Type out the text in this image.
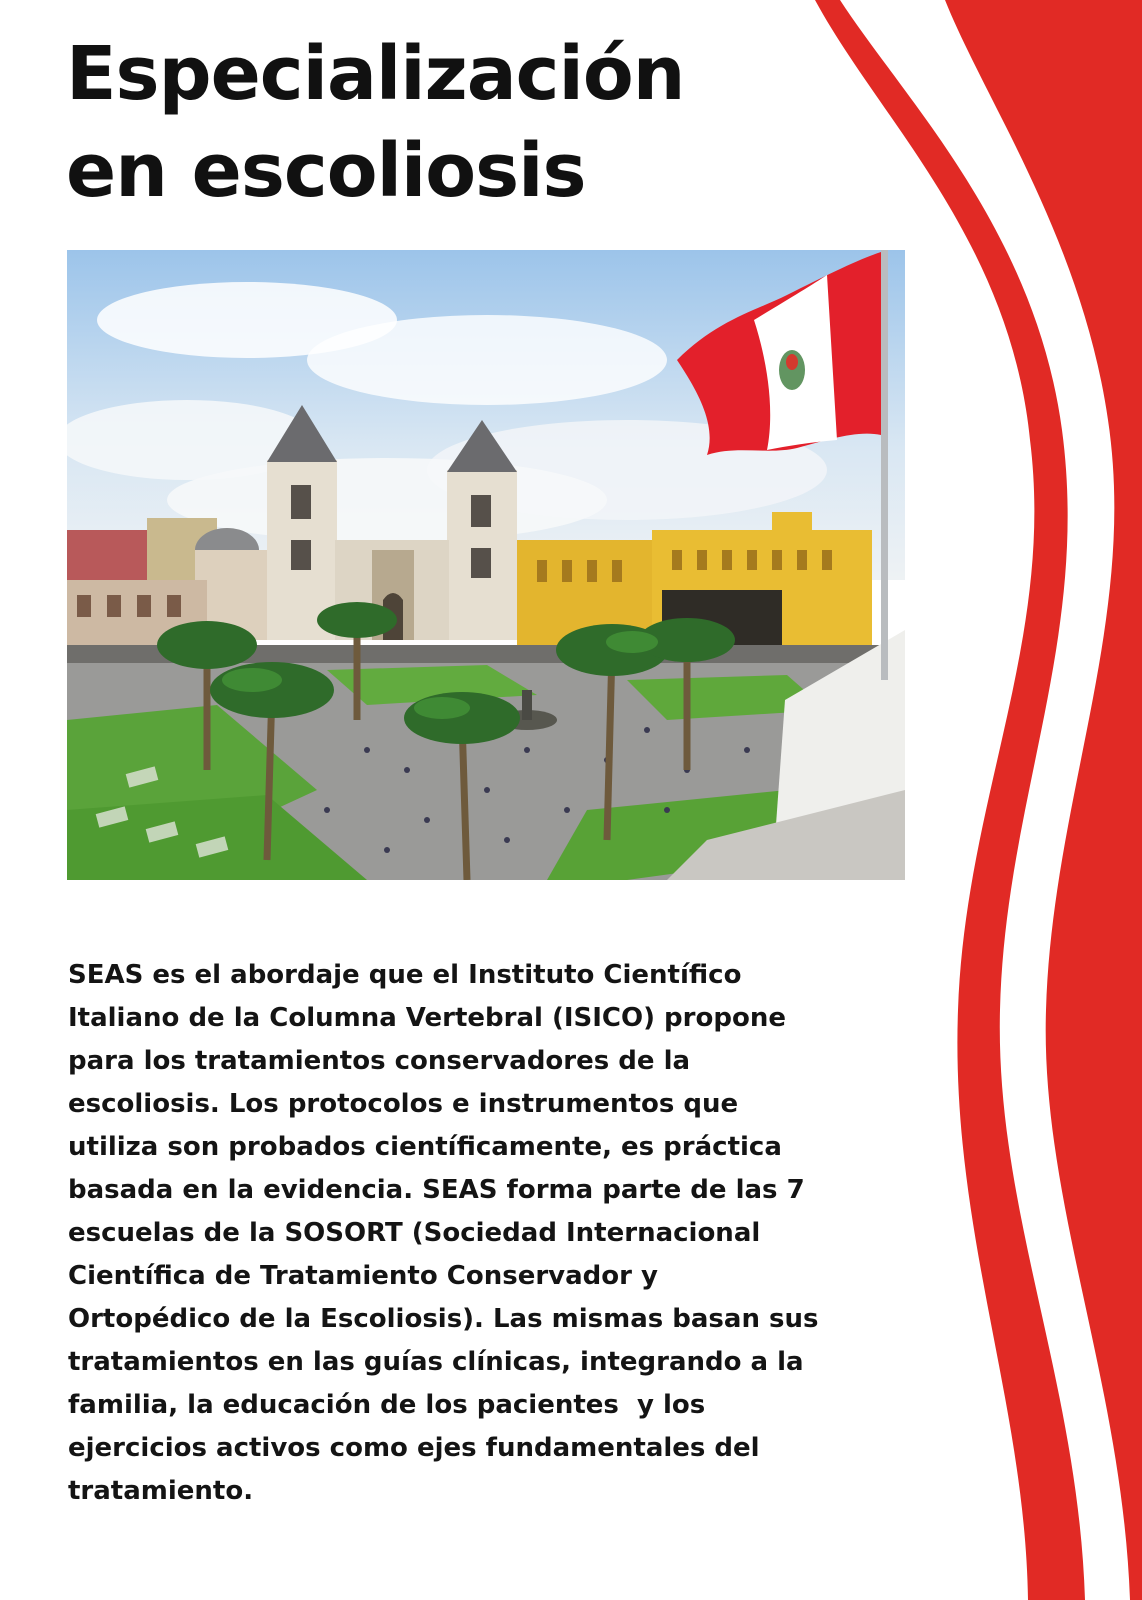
Especialización
en escoliosis

SEAS es el abordaje que el Instituto Científico
Italiano de la Columna Vertebral (ISICO) propone
para los tratamientos conservadores de la
escoliosis. Los protocolos e instrumentos que
utiliza son probados científicamente, es práctica
basada en la evidencia. SEAS forma parte de las 7
escuelas de la SOSORT (Sociedad Internacional
Científica de Tratamiento Conservador y
Ortopédico de la Escoliosis). Las mismas basan sus
tratamientos en las guías clínicas, integrando a la
familia, la educación de los pacientes  y los
ejercicios activos como ejes fundamentales del
tratamiento.
